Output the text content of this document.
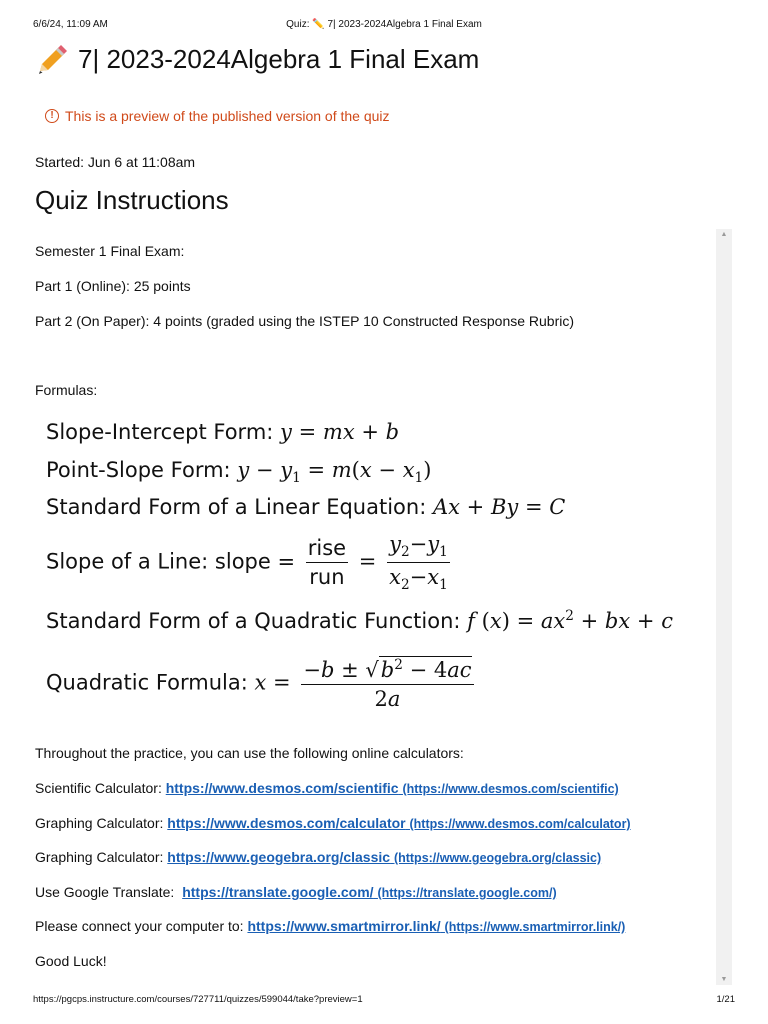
6/6/24, 11:09 AM	Quiz: ✏️ 7| 2023-2024Algebra 1 Final Exam
7| 2023-2024Algebra 1 Final Exam
! This is a preview of the published version of the quiz
Started: Jun 6 at 11:08am
Quiz Instructions
▲
▼
Semester 1 Final Exam:
Part 1 (Online): 25 points
Part 2 (On Paper): 4 points (graded using the ISTEP 10 Constructed Response Rubric)
Formulas:
Slope-Intercept Form: y = mx + b
Point-Slope Form: $y - y_1 = m(x - x_1)$
Standard Form of a Linear Equation: Ax + By = C
Slope of a Line: slope = $\frac{\text{rise}}{\text{run}} = \frac{y_2-y_1}{x_2-x_1}$
Standard Form of a Quadratic Function: f $(x) = ax^2$ + bx + c
Quadratic Formula: $x = \frac{-b \pm √b^2 - 4ac}{2a}$
Throughout the practice, you can use the following online calculators:
Scientific Calculator: https://www.desmos.com/scientific (https://www.desmos.com/scientific)
Graphing Calculator: https://www.desmos.com/calculator (https://www.desmos.com/calculator)
Graphing Calculator: https://www.geogebra.org/classic (https://www.geogebra.org/classic)
Use Google Translate: https://translate.google.com/ (https://translate.google.com/)
Please connect your computer to: https://www.smartmirror.link/ (https://www.smartmirror.link/)
Good Luck!
https://pgcps.instructure.com/courses/727711/quizzes/599044/take?preview=1	1/21
